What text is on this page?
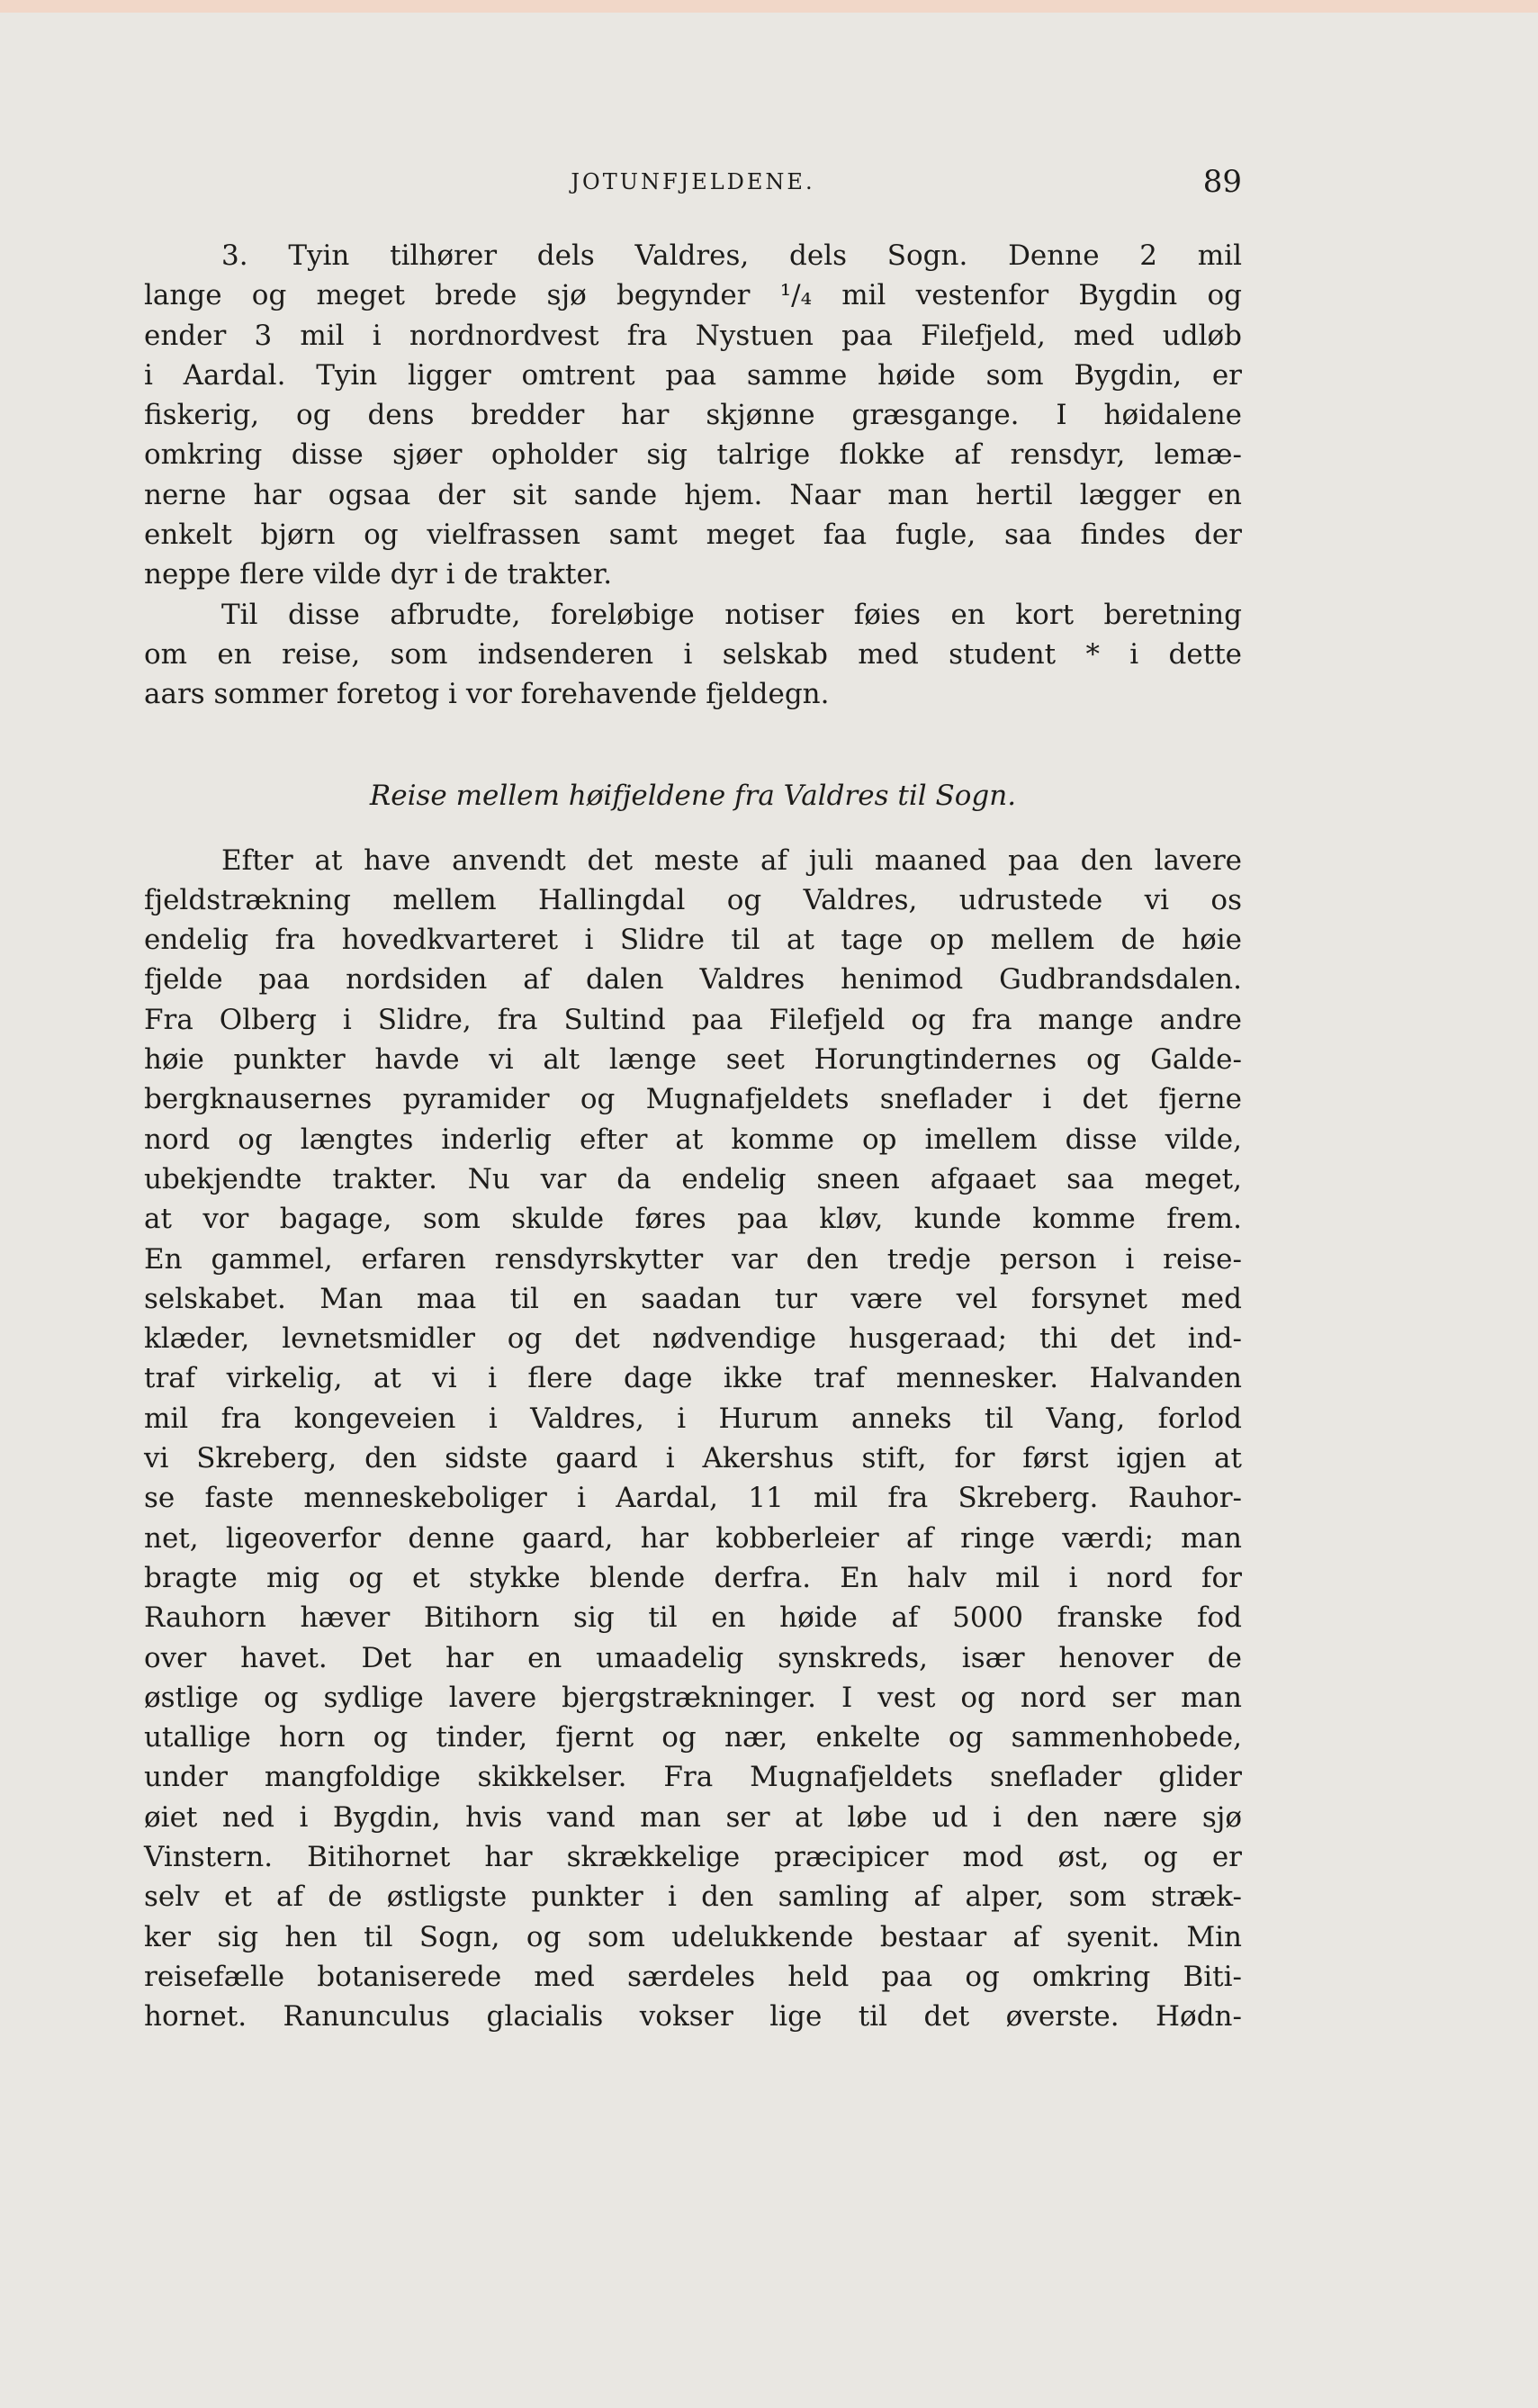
JOTUNFJELDENE.	89
3. Tyin tilhører dels Valdres, dels Sogn. Denne 2 mil
lange og meget brede sjø begynder ¹/₄ mil vestenfor Bygdin og
ender 3 mil i nordnordvest fra Nystuen paa Filefjeld, med udløb
i Aardal. Tyin ligger omtrent paa samme høide som Bygdin, er
fiskerig, og dens bredder har skjønne græsgange. I høidalene
omkring disse sjøer opholder sig talrige flokke af rensdyr, lemæ-
nerne har ogsaa der sit sande hjem. Naar man hertil lægger en
enkelt bjørn og vielfrassen samt meget faa fugle, saa findes der
neppe flere vilde dyr i de trakter.
Til disse afbrudte, foreløbige notiser føies en kort beretning
om en reise, som indsenderen i selskab med student * i dette
aars sommer foretog i vor forehavende fjeldegn.
Reise mellem høifjeldene fra Valdres til Sogn.
Efter at have anvendt det meste af juli maaned paa den lavere
fjeldstrækning mellem Hallingdal og Valdres, udrustede vi os
endelig fra hovedkvarteret i Slidre til at tage op mellem de høie
fjelde paa nordsiden af dalen Valdres henimod Gudbrandsdalen.
Fra Olberg i Slidre, fra Sultind paa Filefjeld og fra mange andre
høie punkter havde vi alt længe seet Horungtindernes og Galde-
bergknausernes pyramider og Mugnafjeldets sneflader i det fjerne
nord og længtes inderlig efter at komme op imellem disse vilde,
ubekjendte trakter. Nu var da endelig sneen afgaaet saa meget,
at vor bagage, som skulde føres paa kløv, kunde komme frem.
En gammel, erfaren rensdyrskytter var den tredje person i reise-
selskabet. Man maa til en saadan tur være vel forsynet med
klæder, levnetsmidler og det nødvendige husgeraad; thi det ind-
traf virkelig, at vi i flere dage ikke traf mennesker. Halvanden
mil fra kongeveien i Valdres, i Hurum anneks til Vang, forlod
vi Skreberg, den sidste gaard i Akershus stift, for først igjen at
se faste menneskeboliger i Aardal, 11 mil fra Skreberg. Rauhor-
net, ligeoverfor denne gaard, har kobberleier af ringe værdi; man
bragte mig og et stykke blende derfra. En halv mil i nord for
Rauhorn hæver Bitihorn sig til en høide af 5000 franske fod
over havet. Det har en umaadelig synskreds, især henover de
østlige og sydlige lavere bjergstrækninger. I vest og nord ser man
utallige horn og tinder, fjernt og nær, enkelte og sammenhobede,
under mangfoldige skikkelser. Fra Mugnafjeldets sneflader glider
øiet ned i Bygdin, hvis vand man ser at løbe ud i den nære sjø
Vinstern. Bitihornet har skrækkelige præcipicer mod øst, og er
selv et af de østligste punkter i den samling af alper, som stræk-
ker sig hen til Sogn, og som udelukkende bestaar af syenit. Min
reisefælle botaniserede med særdeles held paa og omkring Biti-
hornet. Ranunculus glacialis vokser lige til det øverste. Hødn-
